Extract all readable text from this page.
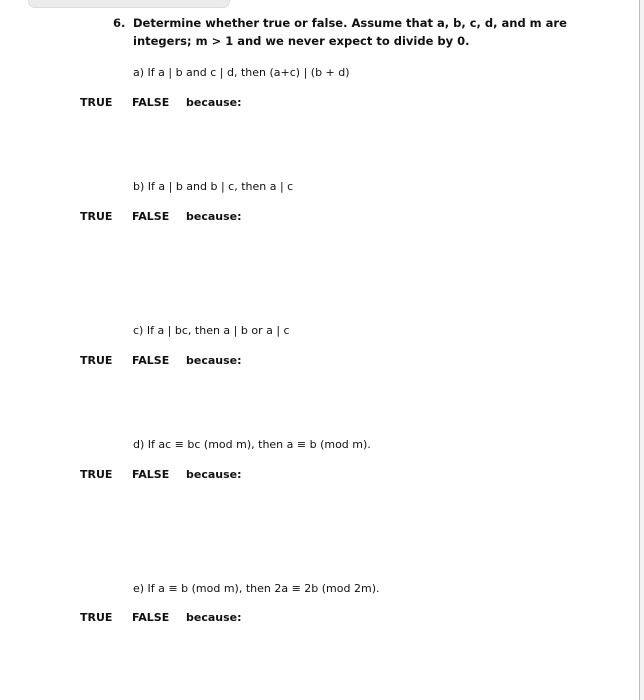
6. Determine whether true or false. Assume that a, b, c, d, and m are
integers; m > 1 and we never expect to divide by 0.
a) If a | b and c | d, then (a+c) | (b + d)
TRUE FALSE because:
b) If a | b and b | c, then a | c
TRUE FALSE because:
c) If a | bc, then a | b or a | c
TRUE FALSE because:
d) If ac ≡ bc (mod m), then a ≡ b (mod m).
TRUE FALSE because:
e) If a ≡ b (mod m), then 2a ≡ 2b (mod 2m).
TRUE FALSE because:
